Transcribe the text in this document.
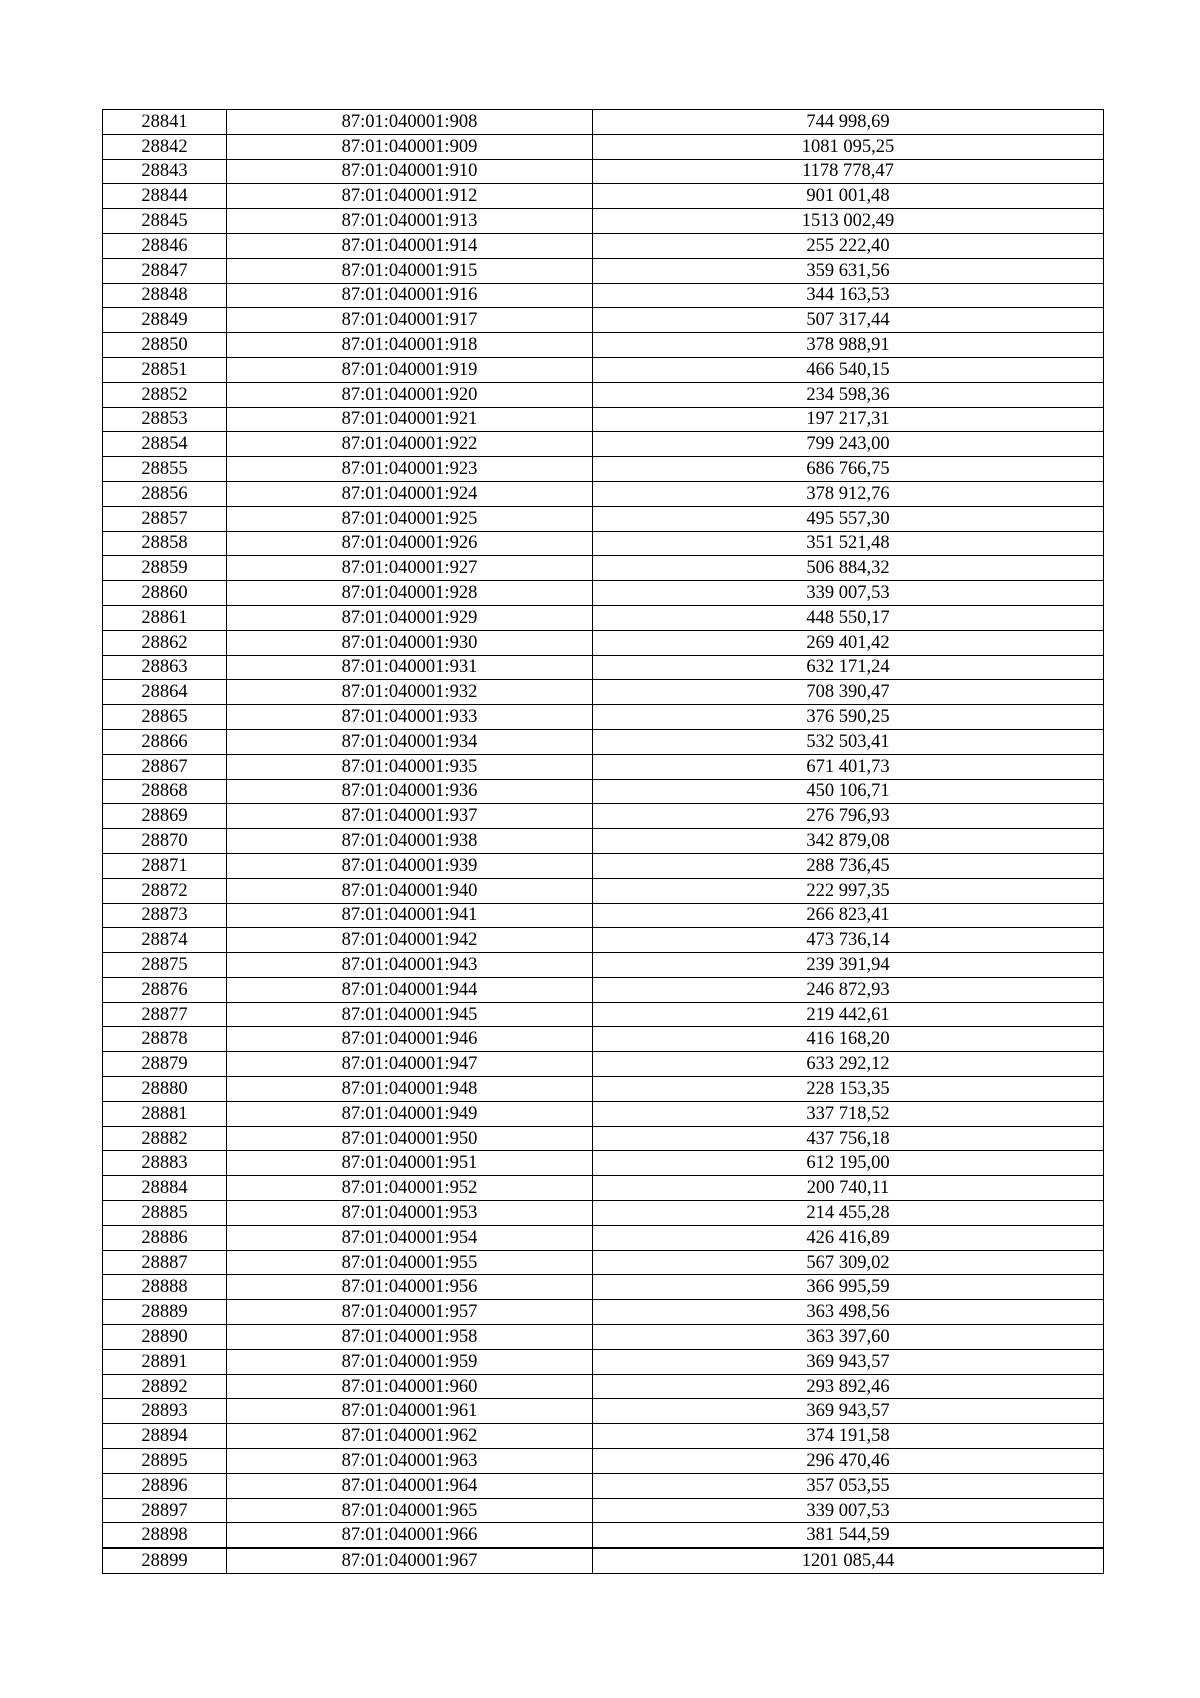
28841	87:01:040001:908	744 998,69
28842	87:01:040001:909	1081 095,25
28843	87:01:040001:910	1178 778,47
28844	87:01:040001:912	901 001,48
28845	87:01:040001:913	1513 002,49
28846	87:01:040001:914	255 222,40
28847	87:01:040001:915	359 631,56
28848	87:01:040001:916	344 163,53
28849	87:01:040001:917	507 317,44
28850	87:01:040001:918	378 988,91
28851	87:01:040001:919	466 540,15
28852	87:01:040001:920	234 598,36
28853	87:01:040001:921	197 217,31
28854	87:01:040001:922	799 243,00
28855	87:01:040001:923	686 766,75
28856	87:01:040001:924	378 912,76
28857	87:01:040001:925	495 557,30
28858	87:01:040001:926	351 521,48
28859	87:01:040001:927	506 884,32
28860	87:01:040001:928	339 007,53
28861	87:01:040001:929	448 550,17
28862	87:01:040001:930	269 401,42
28863	87:01:040001:931	632 171,24
28864	87:01:040001:932	708 390,47
28865	87:01:040001:933	376 590,25
28866	87:01:040001:934	532 503,41
28867	87:01:040001:935	671 401,73
28868	87:01:040001:936	450 106,71
28869	87:01:040001:937	276 796,93
28870	87:01:040001:938	342 879,08
28871	87:01:040001:939	288 736,45
28872	87:01:040001:940	222 997,35
28873	87:01:040001:941	266 823,41
28874	87:01:040001:942	473 736,14
28875	87:01:040001:943	239 391,94
28876	87:01:040001:944	246 872,93
28877	87:01:040001:945	219 442,61
28878	87:01:040001:946	416 168,20
28879	87:01:040001:947	633 292,12
28880	87:01:040001:948	228 153,35
28881	87:01:040001:949	337 718,52
28882	87:01:040001:950	437 756,18
28883	87:01:040001:951	612 195,00
28884	87:01:040001:952	200 740,11
28885	87:01:040001:953	214 455,28
28886	87:01:040001:954	426 416,89
28887	87:01:040001:955	567 309,02
28888	87:01:040001:956	366 995,59
28889	87:01:040001:957	363 498,56
28890	87:01:040001:958	363 397,60
28891	87:01:040001:959	369 943,57
28892	87:01:040001:960	293 892,46
28893	87:01:040001:961	369 943,57
28894	87:01:040001:962	374 191,58
28895	87:01:040001:963	296 470,46
28896	87:01:040001:964	357 053,55
28897	87:01:040001:965	339 007,53
28898	87:01:040001:966	381 544,59
28899	87:01:040001:967	1201 085,44
